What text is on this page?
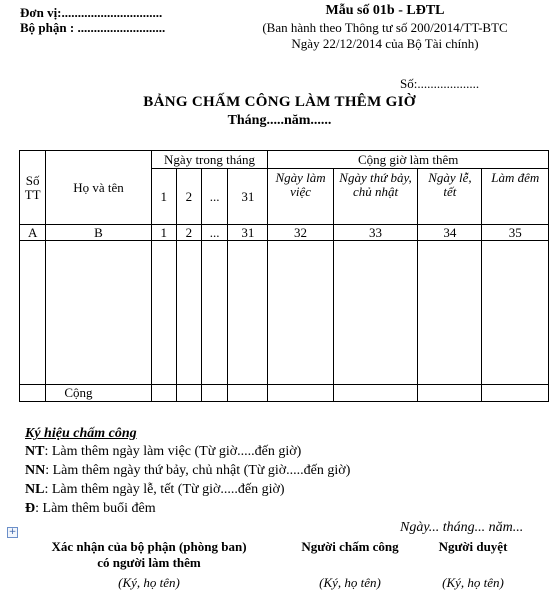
Đơn vị:...............................
Bộ phận : ...........................
Mẫu số 01b - LĐTL
(Ban hành theo Thông tư số 200/2014/TT-BTC
Ngày 22/12/2014 của Bộ Tài chính)
Số:...................
BẢNG CHẤM CÔNG LÀM THÊM GIỜ
Tháng.....năm......
Số TT	Họ và tên	Ngày trong tháng				Cộng giờ làm thêm			
		1	2	...	31	Ngày làm việc	Ngày thứ bảy, chủ nhật	Ngày lễ, tết	Làm đêm
A	B	1	2	...	31	32	33	34	35

	Cộng								
Ký hiệu chấm công
NT: Làm thêm ngày làm việc (Từ giờ.....đến giờ)
NN: Làm thêm ngày thứ bảy, chủ nhật (Từ giờ.....đến giờ)
NL: Làm thêm ngày lễ, tết (Từ giờ.....đến giờ)
Đ: Làm thêm buổi đêm
+	Ngày... tháng... năm...
Xác nhận của bộ phận (phòng ban)
có người làm thêm
Người chấm công	Người duyệt
(Ký, họ tên)	(Ký, họ tên)	(Ký, họ tên)
